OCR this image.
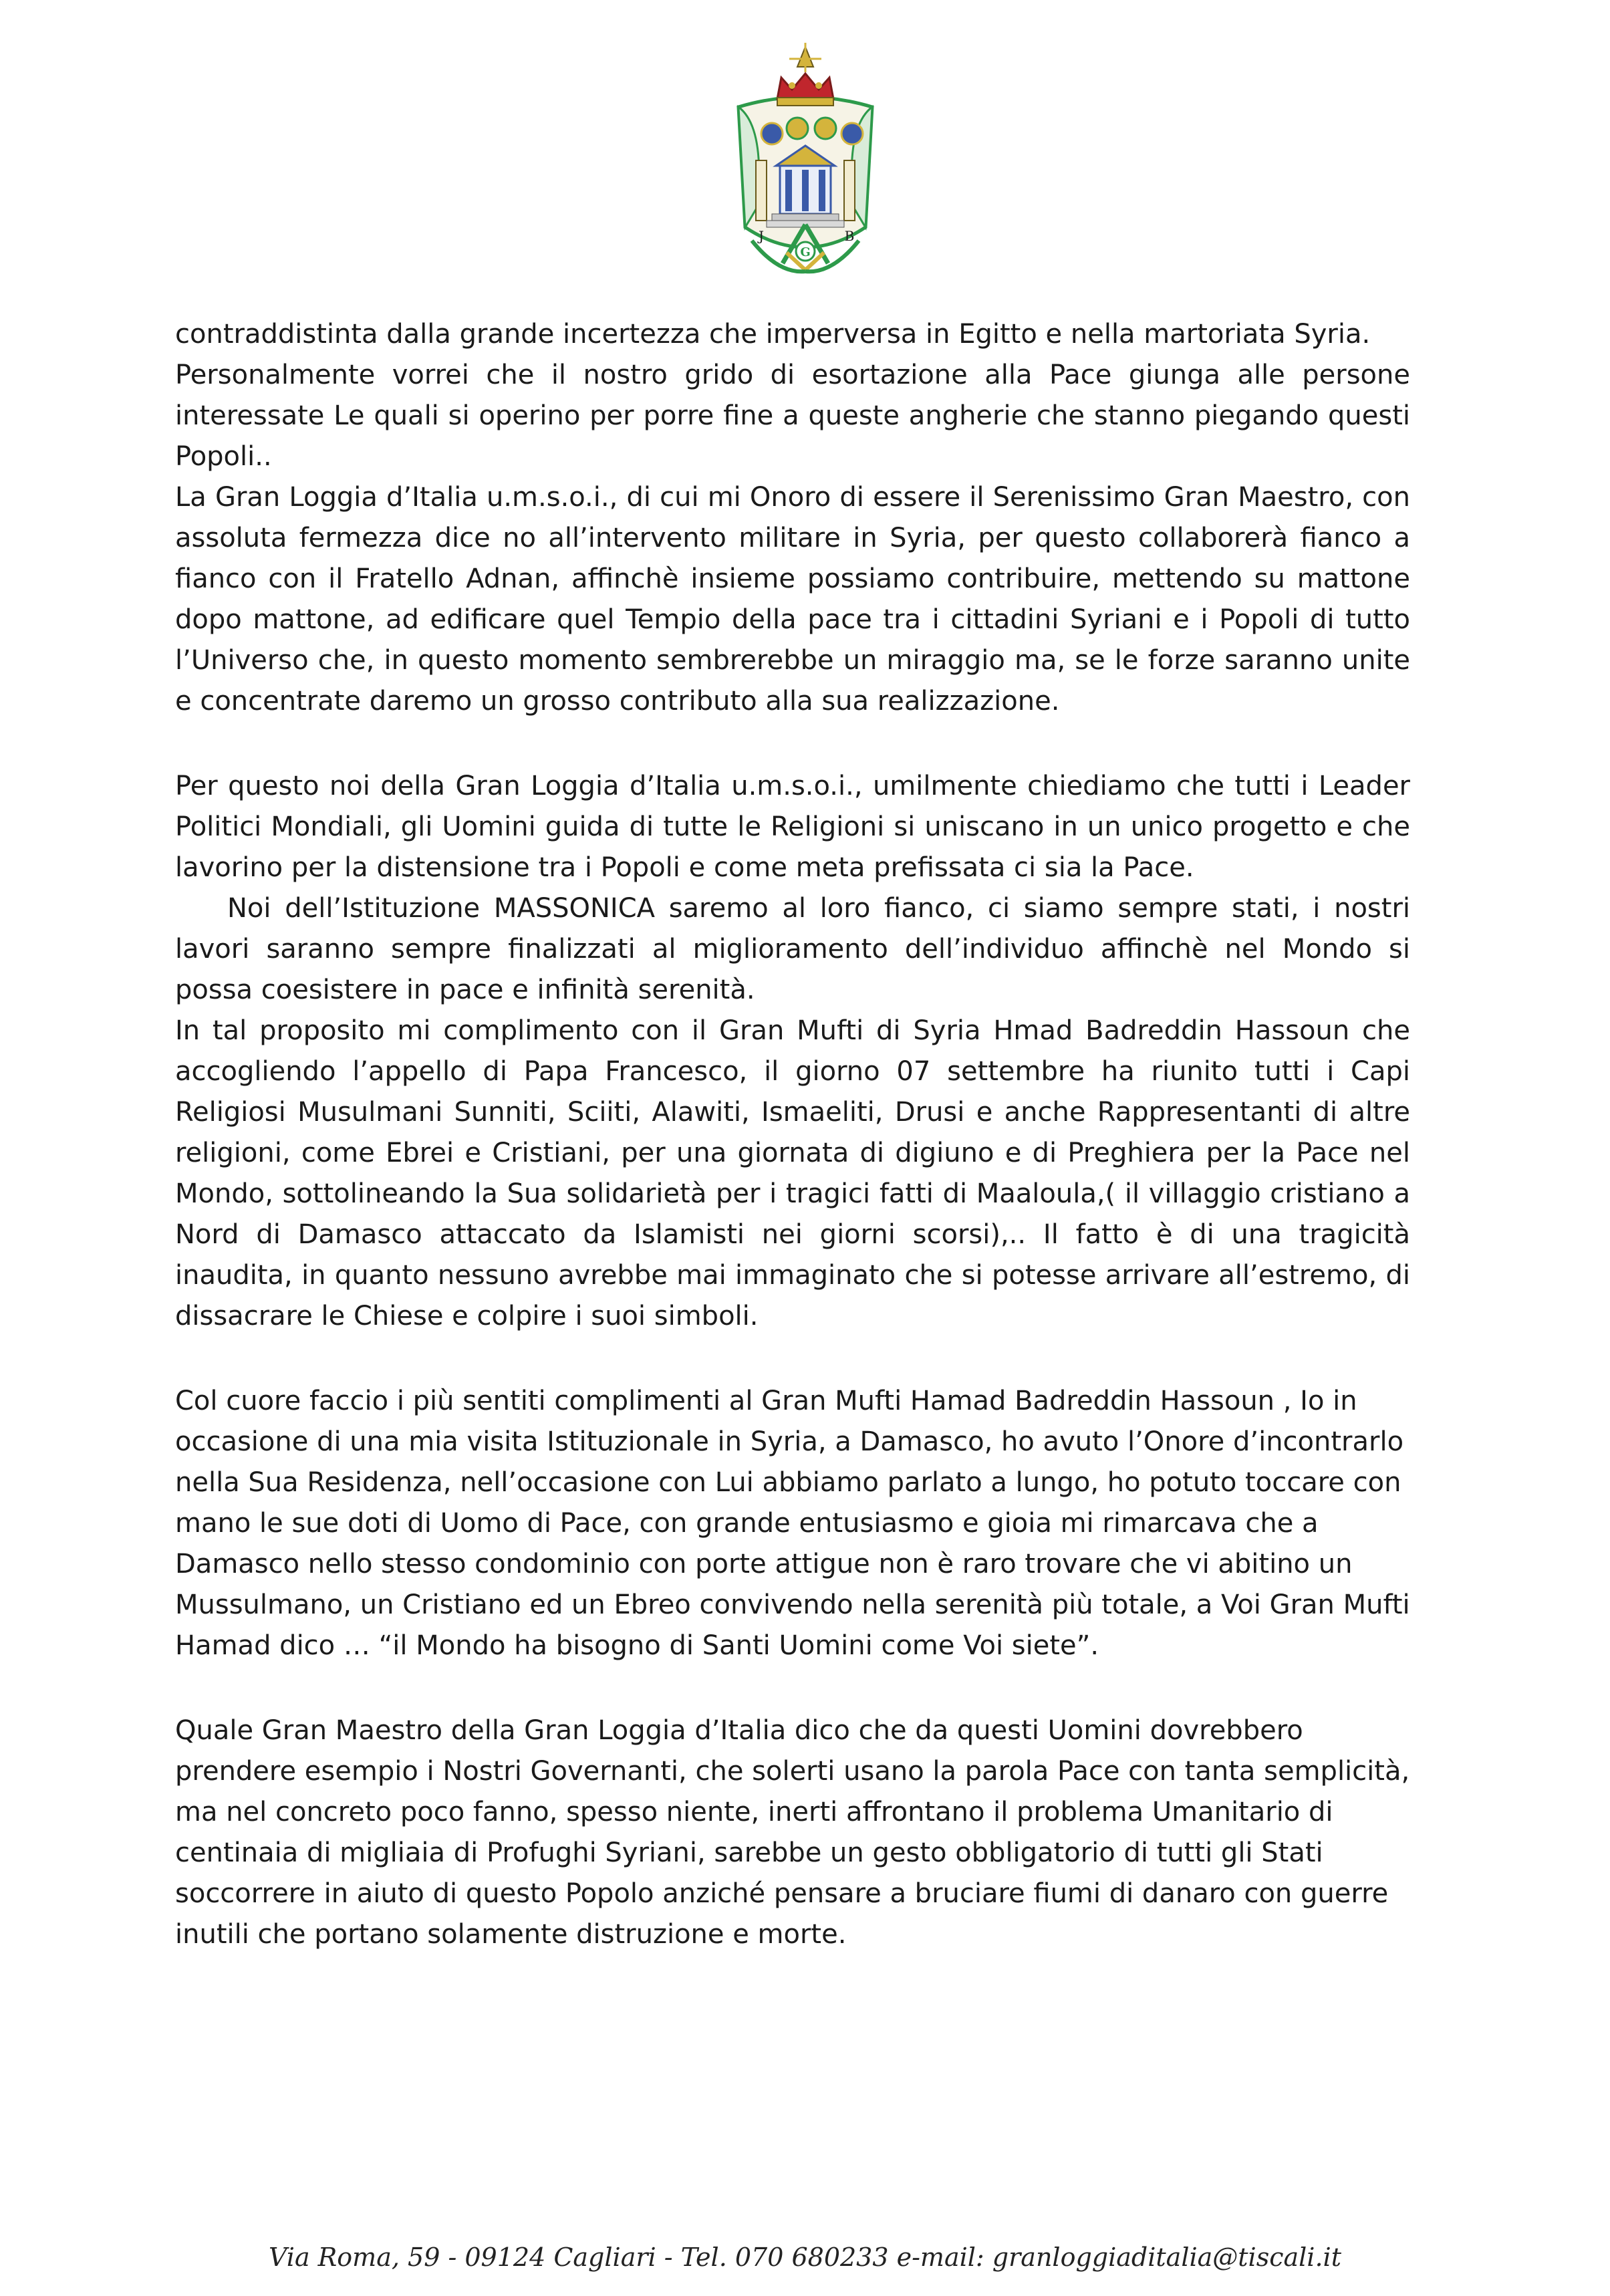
J	B
G

contraddistinta dalla grande incertezza che imperversa in Egitto e nella martoriata Syria.

Personalmente vorrei che il nostro grido di esortazione alla Pace giunga alle persone interessate Le quali si operino per porre fine a queste angherie che stanno piegando questi Popoli..

La Gran Loggia d’Italia u.m.s.o.i., di cui mi Onoro di essere il Serenissimo Gran Maestro, con assoluta fermezza dice no all’intervento militare in Syria, per questo collaborerà fianco a fianco con il Fratello Adnan, affinchè insieme possiamo contribuire, mettendo su mattone dopo mattone, ad edificare quel Tempio della pace tra i cittadini Syriani e i Popoli di tutto l’Universo che, in questo momento sembrerebbe un miraggio ma, se le forze saranno unite e concentrate daremo un grosso contributo alla sua realizzazione.

Per questo noi della Gran Loggia d’Italia u.m.s.o.i., umilmente chiediamo che tutti i Leader Politici Mondiali, gli Uomini guida di tutte le Religioni si uniscano in un unico progetto e che lavorino per la distensione tra i Popoli e come meta prefissata ci sia la Pace.

Noi dell’Istituzione MASSONICA saremo al loro fianco, ci siamo sempre stati, i nostri lavori saranno sempre finalizzati al miglioramento dell’individuo affinchè nel Mondo si possa coesistere in pace e infinità serenità.

In tal proposito mi complimento con il Gran Mufti di Syria Hmad Badreddin Hassoun che accogliendo l’appello di Papa Francesco, il giorno 07 settembre ha riunito tutti i Capi Religiosi Musulmani Sunniti, Sciiti, Alawiti, Ismaeliti, Drusi e anche Rappresentanti di altre religioni, come Ebrei e Cristiani, per una giornata di digiuno e di Preghiera per la Pace nel Mondo, sottolineando la Sua solidarietà per i tragici fatti di Maaloula,( il villaggio cristiano a Nord di Damasco attaccato da Islamisti nei giorni scorsi),.. Il fatto è di una tragicità inaudita, in quanto nessuno avrebbe mai immaginato che si potesse arrivare all’estremo, di dissacrare le Chiese e colpire i suoi simboli.

Col cuore faccio i più sentiti complimenti al Gran Mufti Hamad Badreddin Hassoun , Io in occasione di una mia visita Istituzionale in Syria, a Damasco, ho avuto l’Onore d’incontrarlo nella Sua Residenza, nell’occasione con Lui abbiamo parlato a lungo, ho potuto toccare con mano le sue doti di Uomo di Pace, con grande entusiasmo e gioia mi rimarcava che a Damasco nello stesso condominio con porte attigue non è raro trovare che vi abitino un Mussulmano, un Cristiano ed un Ebreo convivendo nella serenità più totale, a Voi Gran Mufti Hamad dico … “il Mondo ha bisogno di Santi Uomini come Voi siete”.

Quale Gran Maestro della Gran Loggia d’Italia dico che da questi Uomini dovrebbero prendere esempio i Nostri Governanti, che solerti usano la parola Pace con tanta semplicità, ma nel concreto poco fanno, spesso niente, inerti affrontano il problema Umanitario di centinaia di migliaia di Profughi Syriani, sarebbe un gesto obbligatorio di tutti gli Stati soccorrere in aiuto di questo Popolo anziché pensare a bruciare fiumi di danaro con guerre inutili che portano solamente distruzione e morte.

Via Roma, 59 - 09124 Cagliari - Tel. 070 680233 e-mail: granloggiaditalia@tiscali.it
